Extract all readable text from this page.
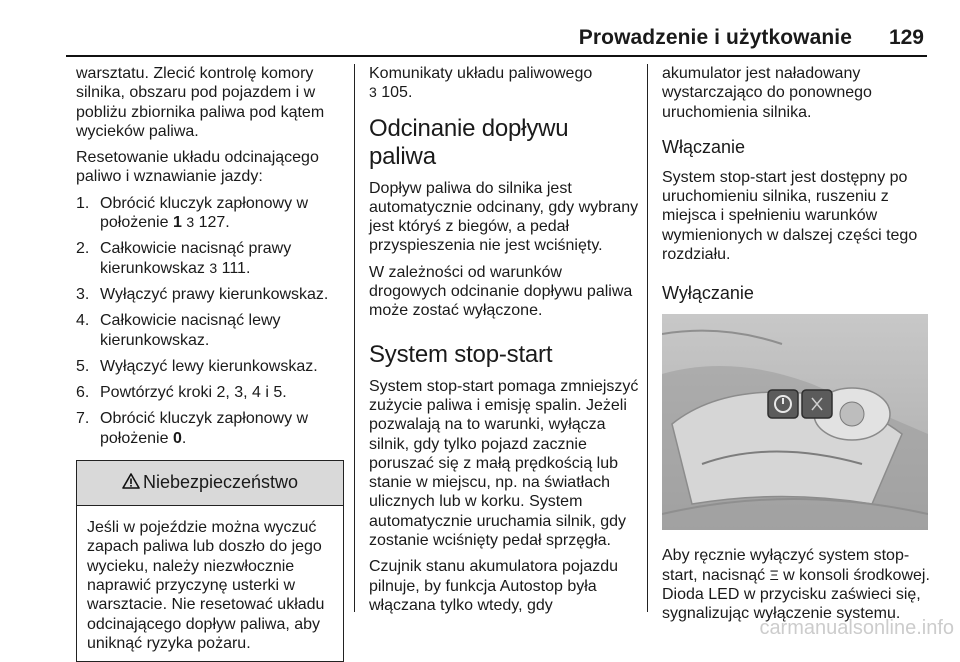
Prowadzenie i użytkowanie 129

warsztatu. Zlecić kontrolę komory silnika, obszaru pod pojazdem i w pobliżu zbiornika paliwa pod kątem wycieków paliwa.

Resetowanie układu odcinającego paliwo i wznawianie jazdy:

1. Obrócić kluczyk zapłonowy w położenie 1 3 127.
2. Całkowicie nacisnąć prawy kierunkowskaz 3 111.
3. Wyłączyć prawy kierunkowskaz.
4. Całkowicie nacisnąć lewy kierunkowskaz.
5. Wyłączyć lewy kierunkowskaz.
6. Powtórzyć kroki 2, 3, 4 i 5.
7. Obrócić kluczyk zapłonowy w położenie 0.
Niebezpieczeństwo
Jeśli w pojeździe można wyczuć zapach paliwa lub doszło do jego wycieku, należy niezwłocznie naprawić przyczynę usterki w warsztacie. Nie resetować układu odcinającego dopływ paliwa, aby uniknąć ryzyka pożaru.

Komunikaty układu paliwowego
3 105.

Odcinanie dopływu paliwa

Dopływ paliwa do silnika jest automatycznie odcinany, gdy wybrany jest któryś z biegów, a pedał przyspieszenia nie jest wciśnięty.

W zależności od warunków drogowych odcinanie dopływu paliwa może zostać wyłączone.

System stop-start

System stop-start pomaga zmniejszyć zużycie paliwa i emisję spalin. Jeżeli pozwalają na to warunki, wyłącza silnik, gdy tylko pojazd zacznie poruszać się z małą prędkością lub stanie w miejscu, np. na światłach ulicznych lub w korku. System automatycznie uruchamia silnik, gdy zostanie wciśnięty pedał sprzęgła.

Czujnik stanu akumulatora pojazdu pilnuje, by funkcja Autostop była włączana tylko wtedy, gdy

akumulator jest naładowany wystarczająco do ponownego uruchomienia silnika.

Włączanie

System stop-start jest dostępny po uruchomieniu silnika, ruszeniu z miejsca i spełnieniu warunków wymienionych w dalszej części tego rozdziału.

Wyłączanie

Aby ręcznie wyłączyć system stop-start, nacisnąć Ξ w konsoli środkowej. Dioda LED w przycisku zaświeci się, sygnalizując wyłączenie systemu.

carmanualsonline.info
